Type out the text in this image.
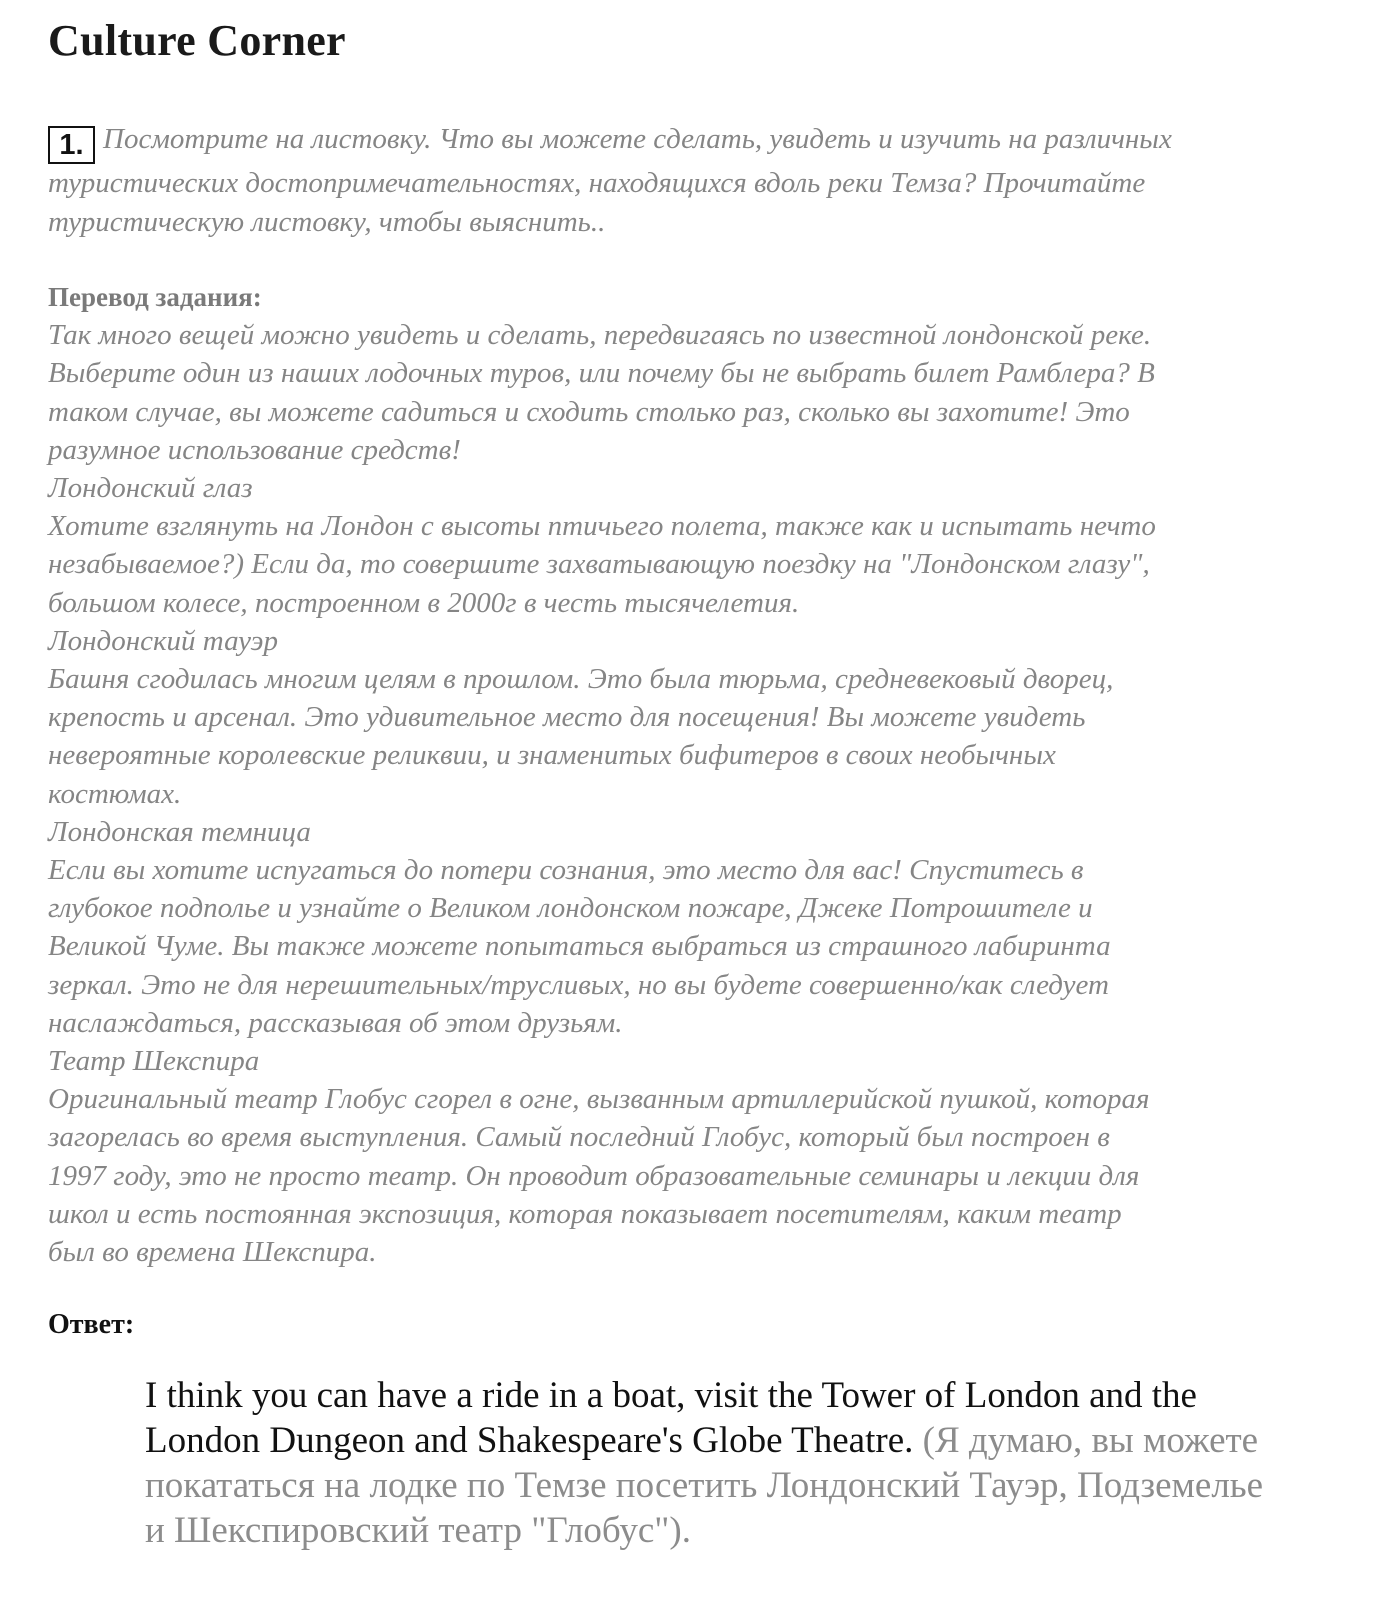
Culture Corner
1. Посмотрите на листовку. Что вы можете сделать, увидеть и изучить на различных
туристических достопримечательностях, находящихся вдоль реки Темза? Прочитайте
туристическую листовку, чтобы выяснить..
Перевод задания:
Так много вещей можно увидеть и сделать, передвигаясь по известной лондонской реке.
Выберите один из наших лодочных туров, или почему бы не выбрать билет Рамблера? В
таком случае, вы можете садиться и сходить столько раз, сколько вы захотите! Это
разумное использование средств!
Лондонский глаз
Хотите взглянуть на Лондон с высоты птичьего полета, также как и испытать нечто
незабываемое?) Если да, то совершите захватывающую поездку на "Лондонском глазу",
большом колесе, построенном в 2000г в честь тысячелетия.
Лондонский тауэр
Башня сгодилась многим целям в прошлом. Это была тюрьма, средневековый дворец,
крепость и арсенал. Это удивительное место для посещения! Вы можете увидеть
невероятные королевские реликвии, и знаменитых бифитеров в своих необычных
костюмах.
Лондонская темница
Если вы хотите испугаться до потери сознания, это место для вас! Спуститесь в
глубокое подполье и узнайте о Великом лондонском пожаре, Джеке Потрошителе и
Великой Чуме. Вы также можете попытаться выбраться из страшного лабиринта
зеркал. Это не для нерешительных/трусливых, но вы будете совершенно/как следует
наслаждаться, рассказывая об этом друзьям.
Театр Шекспира
Оригинальный театр Глобус сгорел в огне, вызванным артиллерийской пушкой, которая
загорелась во время выступления. Самый последний Глобус, который был построен в
1997 году, это не просто театр. Он проводит образовательные семинары и лекции для
школ и есть постоянная экспозиция, которая показывает посетителям, каким театр
был во времена Шекспира.
Ответ:
I think you can have a ride in a boat, visit the Tower of London and the
London Dungeon and Shakespeare's Globe Theatre. (Я думаю, вы можете
покататься на лодке по Темзе посетить Лондонский Тауэр, Подземелье
и Шекспировский театр "Глобус").
